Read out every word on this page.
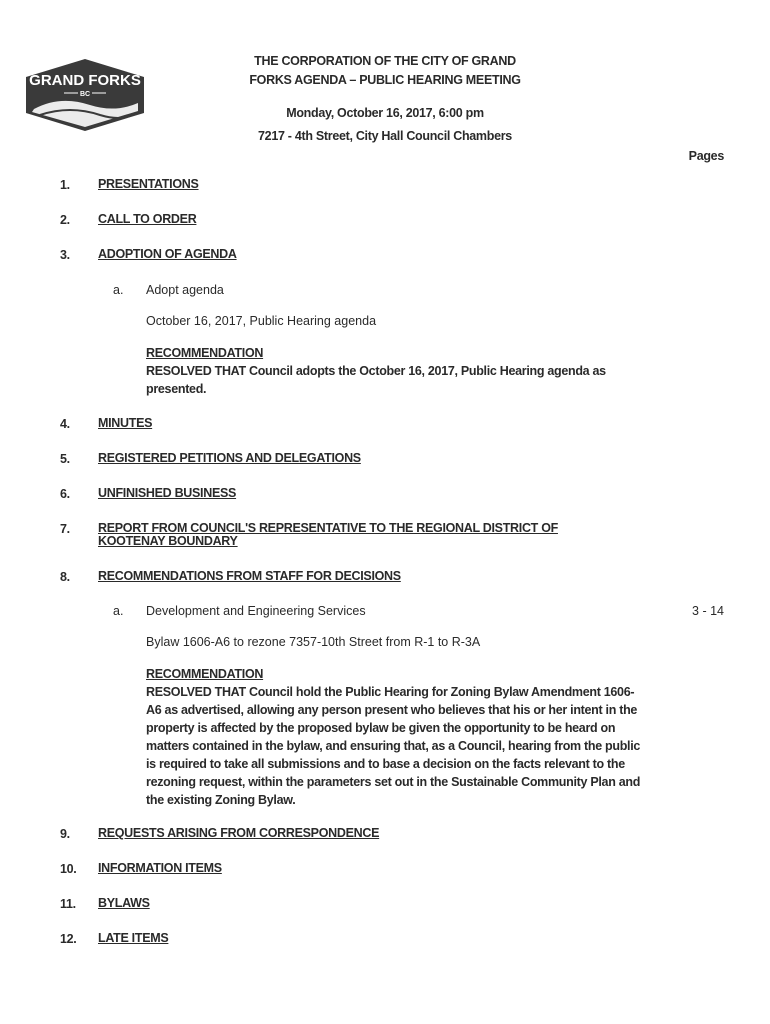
GRAND FORKS
BC
THE CORPORATION OF THE CITY OF GRAND
FORKS AGENDA – PUBLIC HEARING MEETING
Monday, October 16, 2017, 6:00 pm
7217 - 4th Street, City Hall Council Chambers
Pages
1.	PRESENTATIONS
2.	CALL TO ORDER
3.	ADOPTION OF AGENDA
a. Adopt agenda
October 16, 2017, Public Hearing agenda
RECOMMENDATION
RESOLVED THAT Council adopts the October 16, 2017, Public Hearing agenda as
presented.
4.	MINUTES
5.	REGISTERED PETITIONS AND DELEGATIONS
6.	UNFINISHED BUSINESS
7.	REPORT FROM COUNCIL'S REPRESENTATIVE TO THE REGIONAL DISTRICT OF
KOOTENAY BOUNDARY
8.	RECOMMENDATIONS FROM STAFF FOR DECISIONS
a. Development and Engineering Services	3 - 14
Bylaw 1606-A6 to rezone 7357-10th Street from R-1 to R-3A
RECOMMENDATION
RESOLVED THAT Council hold the Public Hearing for Zoning Bylaw Amendment 1606-
A6 as advertised, allowing any person present who believes that his or her intent in the
property is affected by the proposed bylaw be given the opportunity to be heard on
matters contained in the bylaw, and ensuring that, as a Council, hearing from the public
is required to take all submissions and to base a decision on the facts relevant to the
rezoning request, within the parameters set out in the Sustainable Community Plan and
the existing Zoning Bylaw.
9.	REQUESTS ARISING FROM CORRESPONDENCE
10.	INFORMATION ITEMS
11.	BYLAWS
12.	LATE ITEMS
